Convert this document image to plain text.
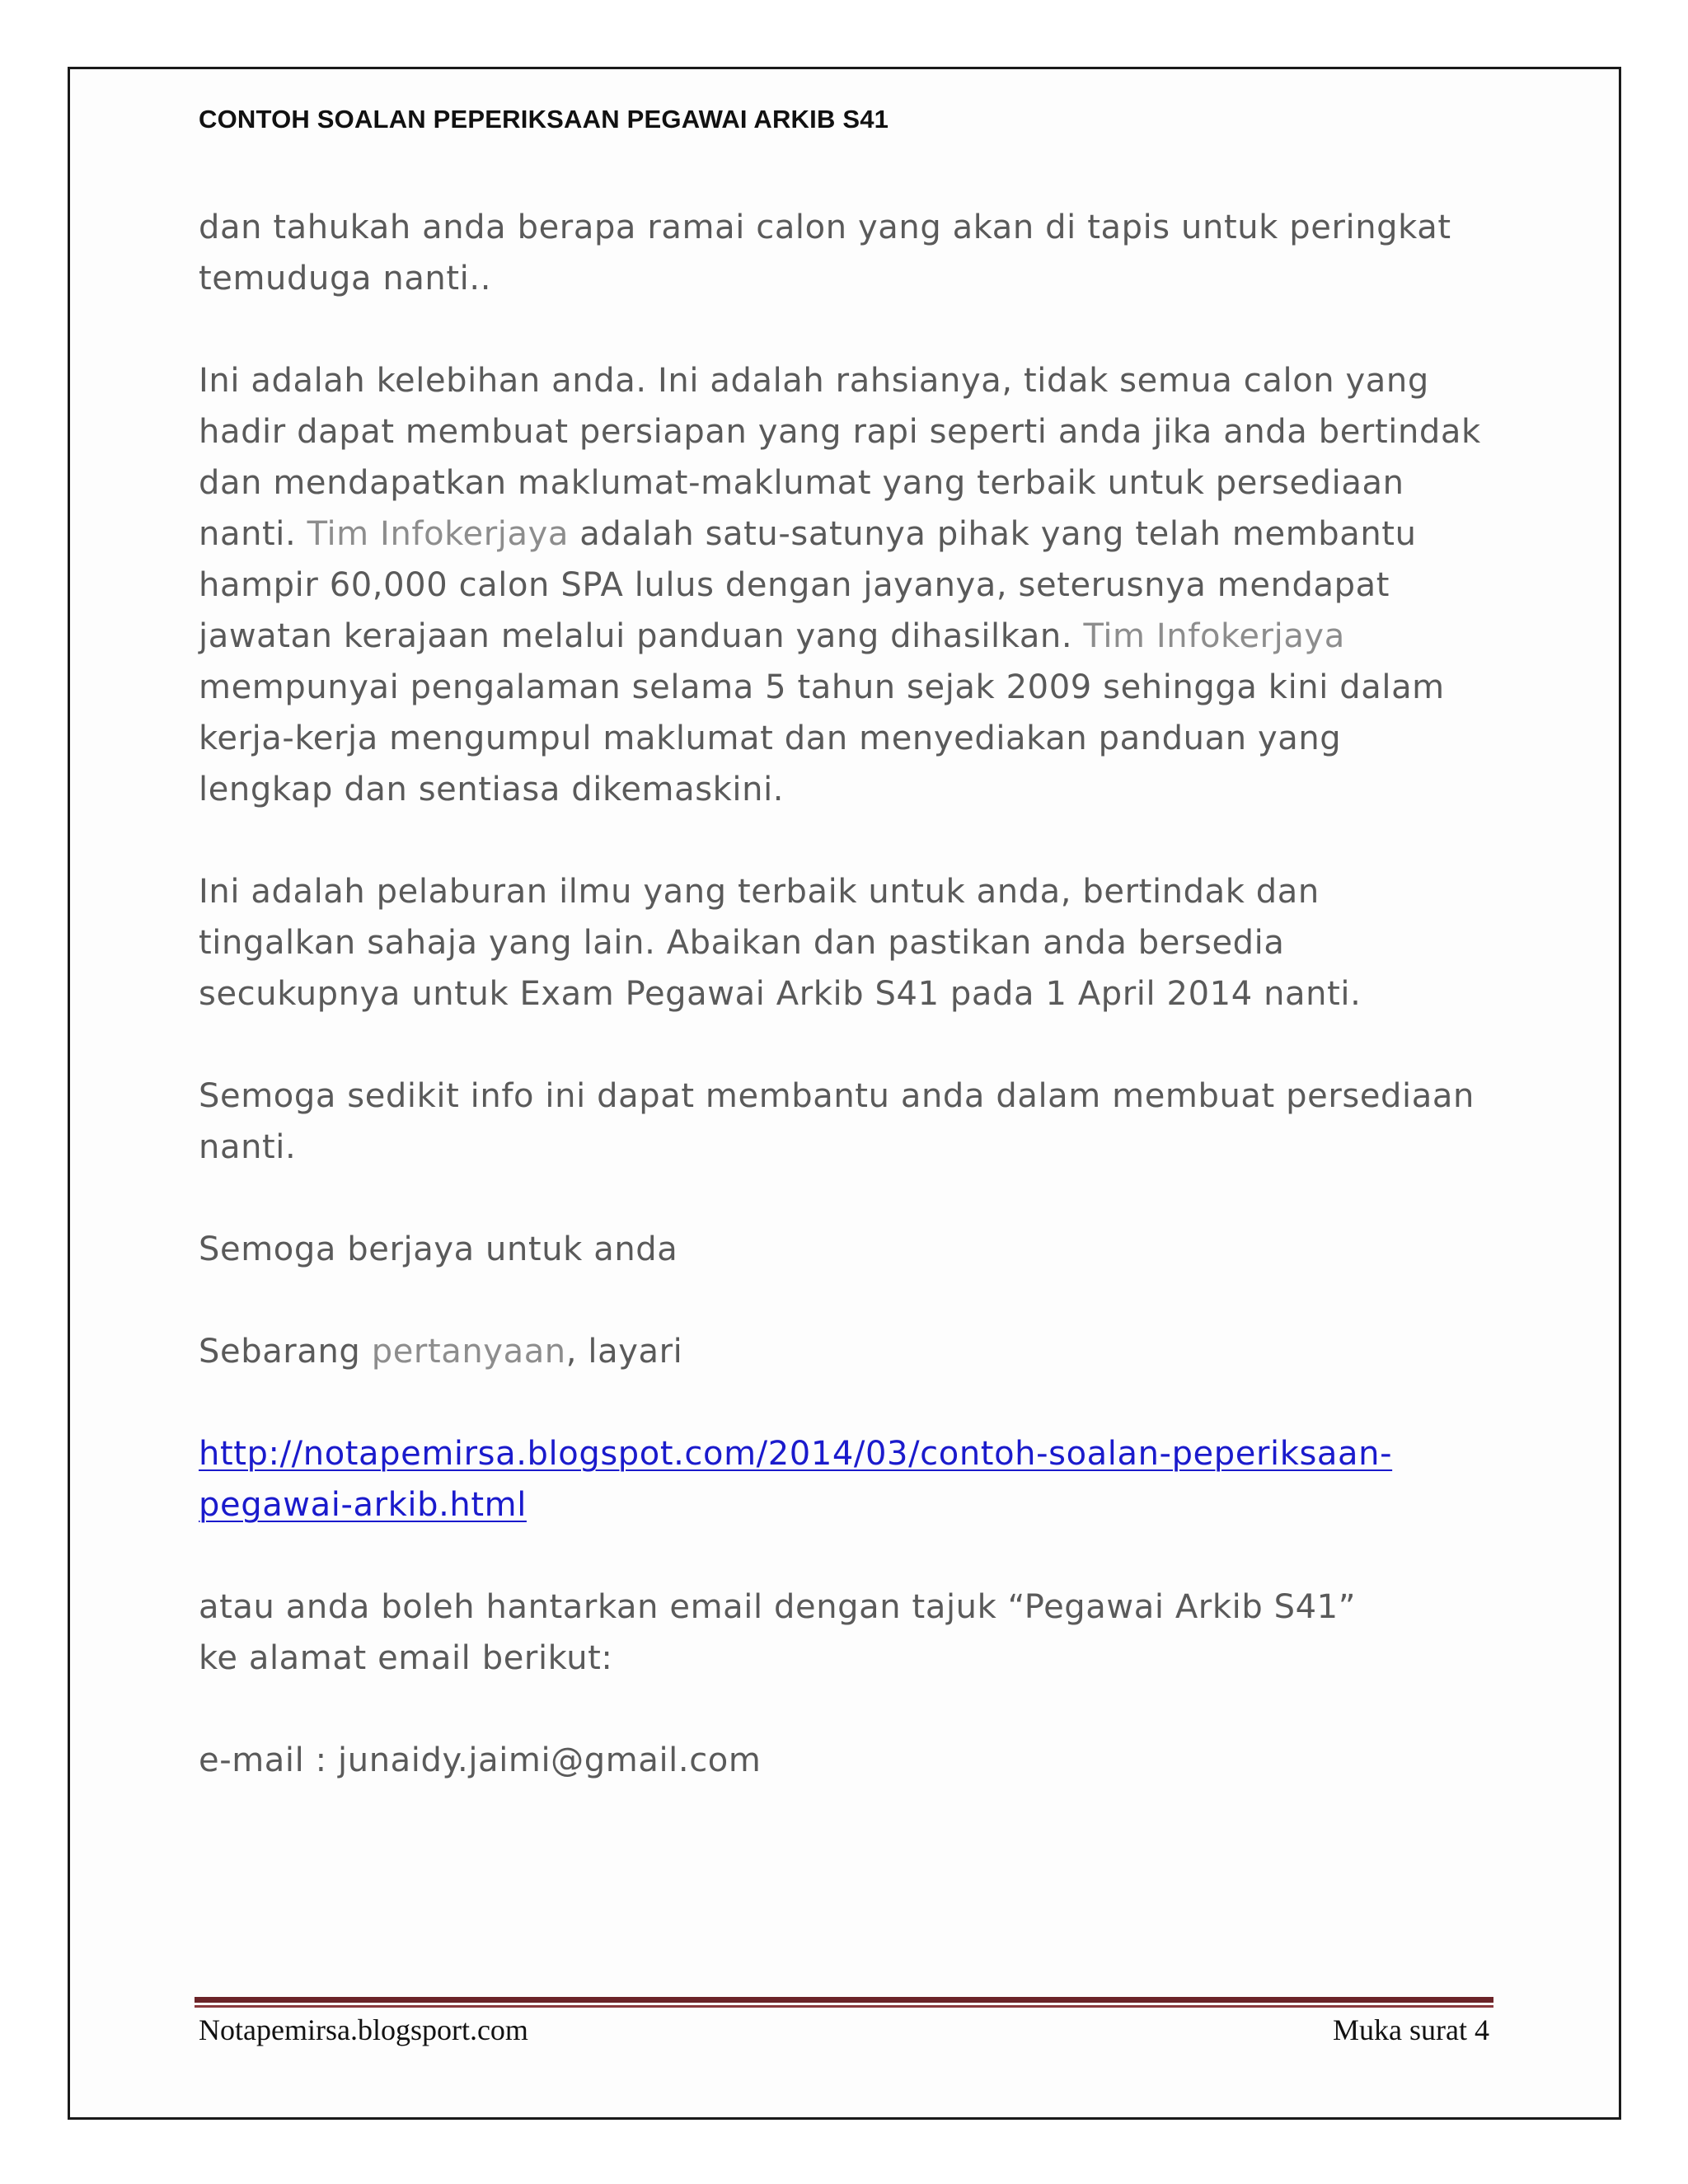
CONTOH SOALAN PEPERIKSAAN PEGAWAI ARKIB S41

dan tahukah anda berapa ramai calon yang akan di tapis untuk peringkat temuduga nanti..

Ini adalah kelebihan anda. Ini adalah rahsianya, tidak semua calon yang hadir dapat membuat persiapan yang rapi seperti anda jika anda bertindak dan mendapatkan maklumat-maklumat yang terbaik untuk persediaan nanti. Tim Infokerjaya adalah satu-satunya pihak yang telah membantu hampir 60,000 calon SPA lulus dengan jayanya, seterusnya mendapat jawatan kerajaan melalui panduan yang dihasilkan. Tim Infokerjaya mempunyai pengalaman selama 5 tahun sejak 2009 sehingga kini dalam kerja-kerja mengumpul maklumat dan menyediakan panduan yang lengkap dan sentiasa dikemaskini.

Ini adalah pelaburan ilmu yang terbaik untuk anda, bertindak dan tingalkan sahaja yang lain. Abaikan dan pastikan anda bersedia secukupnya untuk Exam Pegawai Arkib S41 pada 1 April 2014 nanti.

Semoga sedikit info ini dapat membantu anda dalam membuat persediaan nanti.

Semoga berjaya untuk anda

Sebarang pertanyaan, layari

http://notapemirsa.blogspot.com/2014/03/contoh-soalan-peperiksaan-
pegawai-arkib.html

atau anda boleh hantarkan email dengan tajuk “Pegawai Arkib S41”
ke alamat email berikut:

e-mail : junaidy.jaimi@gmail.com

Notapemirsa.blogsport.com	Muka surat 4
